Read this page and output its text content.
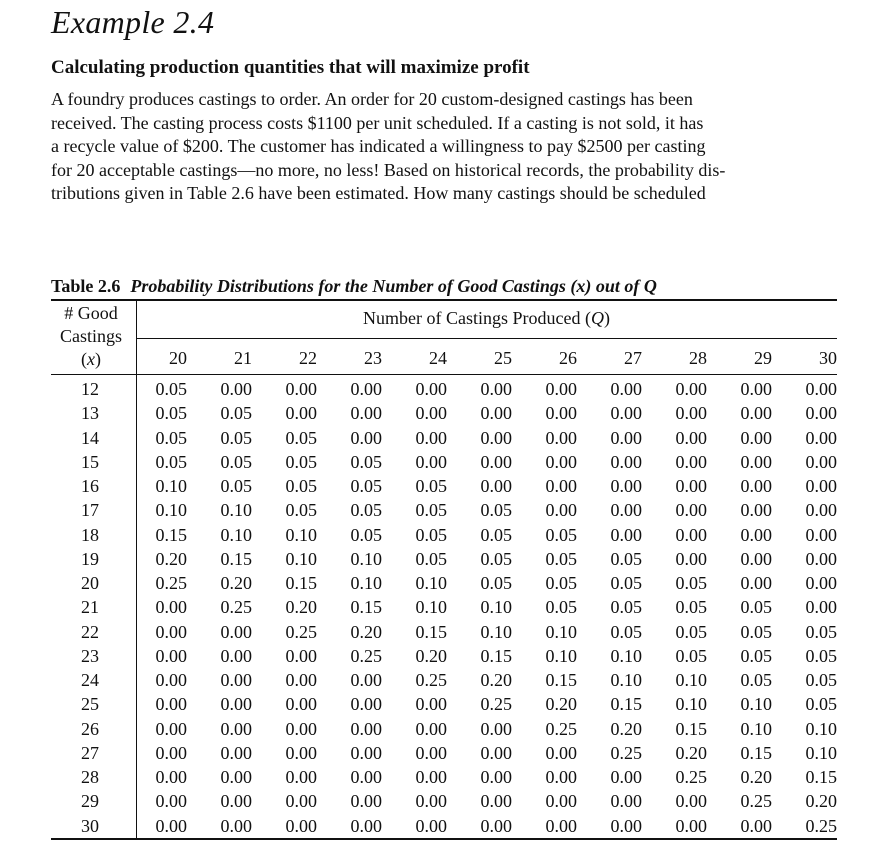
Example 2.4
Calculating production quantities that will maximize profit

A foundry produces castings to order. An order for 20 custom-designed castings has been
received. The casting process costs $1100 per unit scheduled. If a casting is not sold, it has
a recycle value of $200. The customer has indicated a willingness to pay $2500 per casting
for 20 acceptable castings—no more, no less! Based on historical records, the probability dis-
tributions given in Table 2.6 have been estimated. How many castings should be scheduled

Table 2.6 Probability Distributions for the Number of Good Castings (x) out of Q
# Good
Castings
(x)
Number of Castings Produced (Q)
20	21	22	23	24	25	26	27	28	29	30
12	0.05	0.00	0.00	0.00	0.00	0.00	0.00	0.00	0.00	0.00	0.00
13	0.05	0.05	0.00	0.00	0.00	0.00	0.00	0.00	0.00	0.00	0.00
14	0.05	0.05	0.05	0.00	0.00	0.00	0.00	0.00	0.00	0.00	0.00
15	0.05	0.05	0.05	0.05	0.00	0.00	0.00	0.00	0.00	0.00	0.00
16	0.10	0.05	0.05	0.05	0.05	0.00	0.00	0.00	0.00	0.00	0.00
17	0.10	0.10	0.05	0.05	0.05	0.05	0.00	0.00	0.00	0.00	0.00
18	0.15	0.10	0.10	0.05	0.05	0.05	0.05	0.00	0.00	0.00	0.00
19	0.20	0.15	0.10	0.10	0.05	0.05	0.05	0.05	0.00	0.00	0.00
20	0.25	0.20	0.15	0.10	0.10	0.05	0.05	0.05	0.05	0.00	0.00
21	0.00	0.25	0.20	0.15	0.10	0.10	0.05	0.05	0.05	0.05	0.00
22	0.00	0.00	0.25	0.20	0.15	0.10	0.10	0.05	0.05	0.05	0.05
23	0.00	0.00	0.00	0.25	0.20	0.15	0.10	0.10	0.05	0.05	0.05
24	0.00	0.00	0.00	0.00	0.25	0.20	0.15	0.10	0.10	0.05	0.05
25	0.00	0.00	0.00	0.00	0.00	0.25	0.20	0.15	0.10	0.10	0.05
26	0.00	0.00	0.00	0.00	0.00	0.00	0.25	0.20	0.15	0.10	0.10
27	0.00	0.00	0.00	0.00	0.00	0.00	0.00	0.25	0.20	0.15	0.10
28	0.00	0.00	0.00	0.00	0.00	0.00	0.00	0.00	0.25	0.20	0.15
29	0.00	0.00	0.00	0.00	0.00	0.00	0.00	0.00	0.00	0.25	0.20
30	0.00	0.00	0.00	0.00	0.00	0.00	0.00	0.00	0.00	0.00	0.25
